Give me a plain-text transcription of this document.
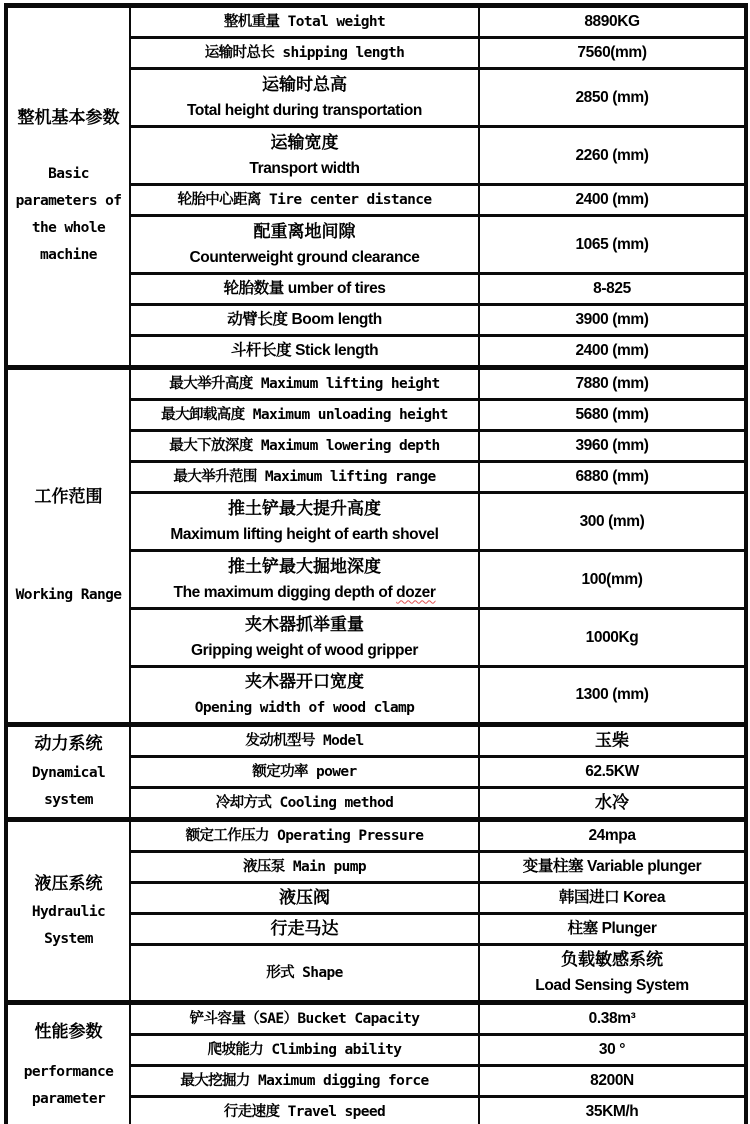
整机基本参数
Basic
parameters of
the whole
machine	整机重量 Total weight	8890KG

	运输时总长 shipping length	7560(mm)

	运输时总高
Total height during transportation	2850 (mm)

	运输宽度
Transport width	2260 (mm)

	轮胎中心距离 Tire center distance	2400 (mm)

	配重离地间隙
Counterweight ground clearance	1065 (mm)

	轮胎数量 umber of tires	8-825

	动臂长度 Boom length	3900 (mm)

	斗杆长度 Stick length	2400 (mm)

工作范围
Working Range	最大举升高度 Maximum lifting height	7880 (mm)

	最大卸载高度 Maximum unloading height	5680 (mm)

	最大下放深度 Maximum lowering depth	3960 (mm)

	最大举升范围 Maximum lifting range	6880 (mm)

	推土铲最大提升高度
Maximum lifting height of earth shovel	300 (mm)

	推土铲最大掘地深度
The maximum digging depth of dozer	100(mm)

	夹木器抓举重量
Gripping weight of wood gripper	1000Kg

	夹木器开口宽度
Opening width of wood clamp	1300 (mm)

动力系统
Dynamical
system	发动机型号 Model	玉柴

	额定功率 power	62.5KW

	冷却方式 Cooling method	水冷

液压系统
Hydraulic
System	额定工作压力 Operating Pressure	24mpa

	液压泵 Main pump	变量柱塞 Variable plunger

	液压阀	韩国进口 Korea

	行走马达	柱塞 Plunger

	形式 Shape	负载敏感系统
Load Sensing System

性能参数
performance
parameter	铲斗容量（SAE）Bucket Capacity	0.38m³

	爬坡能力 Climbing ability	30 °

	最大挖掘力 Maximum digging force	8200N

	行走速度 Travel speed	35KM/h
